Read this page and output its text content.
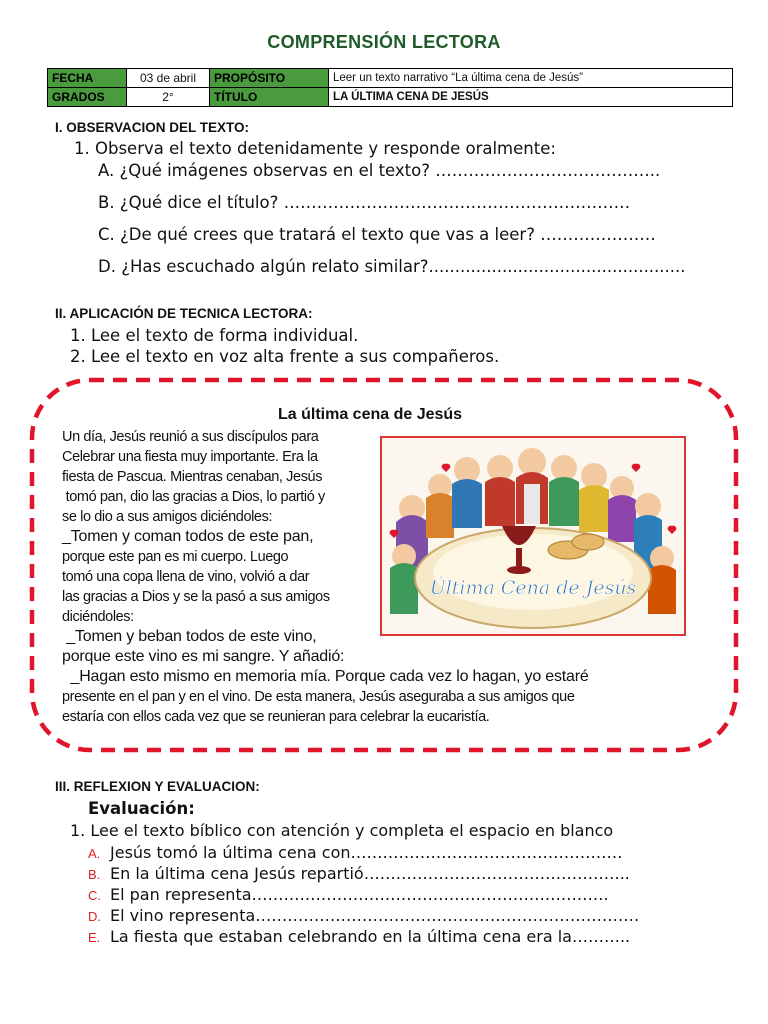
COMPRENSIÓN LECTORA
FECHA	03 de abril	PROPÓSITO	Leer un texto narrativo “La última cena de Jesús”
GRADOS	2°	TÍTULO	LA ÚLTIMA CENA DE JESÚS
I. OBSERVACION DEL TEXTO:
1. Observa el texto detenidamente y responde oralmente:
A. ¿Qué imágenes observas en el texto? …………………………………..
B. ¿Qué dice el título? ………………………………………………………
C. ¿De qué crees que tratará el texto que vas a leer? …………………
D. ¿Has escuchado algún relato similar?.................................................
II. APLICACIÓN DE TECNICA LECTORA:
1. Lee el texto de forma individual.
2. Lee el texto en voz alta frente a sus compañeros.
La última cena de Jesús
Un día, Jesús reunió a sus discípulos para
Celebrar una fiesta muy importante. Era la
fiesta de Pascua. Mientras cenaban, Jesús
tomó pan, dio las gracias a Dios, lo partió y
se lo dio a sus amigos diciéndoles:
_Tomen y coman todos de este pan,
porque este pan es mi cuerpo. Luego
tomó una copa llena de vino, volvió a dar
las gracias a Dios y se la pasó a sus amigos
diciéndoles:
_Tomen y beban todos de este vino,
porque este vino es mi sangre. Y añadió:
_Hagan esto mismo en memoria mía. Porque cada vez lo hagan, yo estaré
presente en el pan y en el vino. De esta manera, Jesús aseguraba a sus amigos que
estaría con ellos cada vez que se reunieran para celebrar la eucaristía.
Última Cena de Jesús
III. REFLEXION Y EVALUACION:
Evaluación:
1. Lee el texto bíblico con atención y completa el espacio en blanco
A. Jesús tomó la última cena con……………………………………………
B. En la última cena Jesús repartió…………………………………………..
C. El pan representa………………………………………………………….
D. El vino representa………………………………………………………………
E. La fiesta que estaban celebrando en la última cena era la………..
